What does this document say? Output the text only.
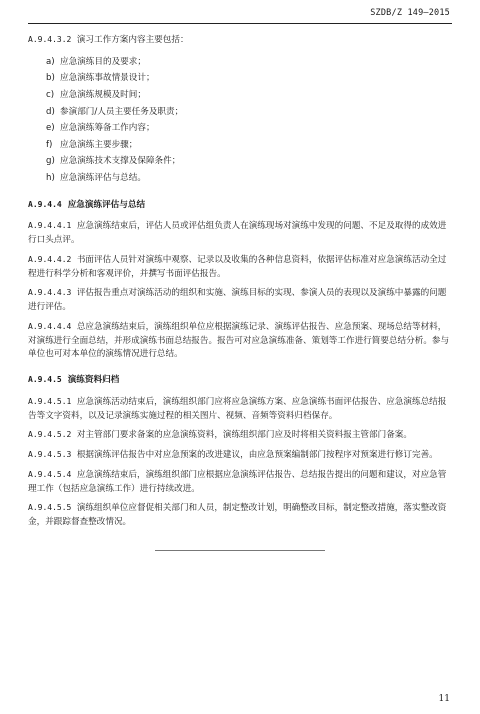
SZDB/Z 149—2015

A.9.4.3.2 演习工作方案内容主要包括：

a) 应急演练目的及要求；
b) 应急演练事故情景设计；
c) 应急演练规模及时间；
d) 参演部门/人员主要任务及职责；
e) 应急演练筹备工作内容；
f) 应急演练主要步骤；
g) 应急演练技术支撑及保障条件；
h) 应急演练评估与总结。
A.9.4.4 应急演练评估与总结

A.9.4.4.1 应急演练结束后，评估人员或评估组负责人在演练现场对演练中发现的问题、不足及取得的成效进行口头点评。

A.9.4.4.2 书面评估人员针对演练中观察、记录以及收集的各种信息资料，依据评估标准对应急演练活动全过程进行科学分析和客观评价，并撰写书面评估报告。

A.9.4.4.3 评估报告重点对演练活动的组织和实施、演练目标的实现、参演人员的表现以及演练中暴露的问题进行评估。

A.9.4.4.4 总应急演练结束后，演练组织单位应根据演练记录、演练评估报告、应急预案、现场总结等材料，对演练进行全面总结，并形成演练书面总结报告。报告可对应急演练准备、策划等工作进行简要总结分析。参与单位也可对本单位的演练情况进行总结。

A.9.4.5 演练资料归档

A.9.4.5.1 应急演练活动结束后，演练组织部门应将应急演练方案、应急演练书面评估报告、应急演练总结报告等文字资料，以及记录演练实施过程的相关图片、视频、音频等资料归档保存。

A.9.4.5.2 对主管部门要求备案的应急演练资料，演练组织部门应及时将相关资料报主管部门备案。

A.9.4.5.3 根据演练评估报告中对应急预案的改进建议，由应急预案编制部门按程序对预案进行修订完善。

A.9.4.5.4 应急演练结束后，演练组织部门应根据应急演练评估报告、总结报告提出的问题和建议，对应急管理工作（包括应急演练工作）进行持续改进。

A.9.4.5.5 演练组织单位应督促相关部门和人员，制定整改计划，明确整改目标，制定整改措施，落实整改资金，并跟踪督查整改情况。

11
